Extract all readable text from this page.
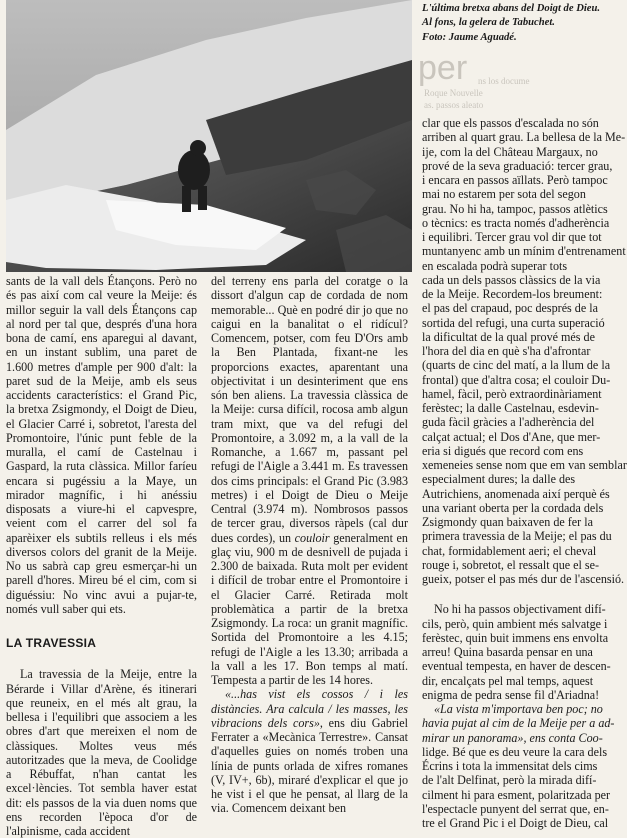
L'última bretxa abans del Doigt de Dieu.
Al fons, la gelera de Tabuchet.
Foto: Jaume Aguadé.
per ns los docume
Roque Nouvelle
as. passos aleato

sants de la vall dels Étançons. Però no és pas així com cal veure la Meije: és millor seguir la vall dels Étançons cap al nord per tal que, després d'una hora bona de camí, ens aparegui al davant, en un instant sublim, una paret de 1.600 metres d'ample per 900 d'alt: la paret sud de la Meije, amb els seus accidents característics: el Grand Pic, la bretxa Zsigmondy, el Doigt de Dieu, el Glacier Carré i, sobretot, l'aresta del Promontoire, l'únic punt feble de la muralla, el camí de Castelnau i Gaspard, la ruta clàssica. Millor faríeu encara si pugéssiu a la Maye, un mirador magnífic, i hi anéssiu disposats a viure-hi el capvespre, veient com el carrer del sol fa aparèixer els subtils relleus i els més diversos colors del granit de la Meije. No us sabrà cap greu esmerçar-hi un parell d'hores. Mireu bé el cim, com si diguéssiu: No vinc avui a pujar-te, només vull saber qui ets.

LA TRAVESSIA

La travessia de la Meije, entre la Bérarde i Villar d'Arène, és itinerari que reuneix, en el més alt grau, la bellesa i l'equilibri que associem a les obres d'art que mereixen el nom de clàssiques. Moltes veus més autoritzades que la meva, de Coolidge a Rébuffat, n'han cantat les excel·lències. Tot sembla haver estat dit: els passos de la via duen noms que ens recorden l'època d'or de l'alpinisme, cada accident

del terreny ens parla del coratge o la dissort d'algun cap de cordada de nom memorable... Què en podré dir jo que no caigui en la banalitat o el ridícul? Comencem, potser, com feu D'Ors amb la Ben Plantada, fixant-ne les proporcions exactes, aparentant una objectivitat i un desinteriment que ens són ben aliens. La travessia clàssica de la Meije: cursa difícil, rocosa amb algun tram mixt, que va del refugi del Promontoire, a 3.092 m, a la vall de la Romanche, a 1.667 m, passant pel refugi de l'Aigle a 3.441 m. Es travessen dos cims principals: el Grand Pic (3.983 metres) i el Doigt de Dieu o Meije Central (3.974 m). Nombrosos passos de tercer grau, diversos ràpels (cal dur dues cordes), un couloir generalment en glaç viu, 900 m de desnivell de pujada i 2.300 de baixada. Ruta molt per evident i difícil de trobar entre el Promontoire i el Glacier Carré. Retirada molt problemàtica a partir de la bretxa Zsigmondy. La roca: un granit magnífic. Sortida del Promontoire a les 4.15; refugi de l'Aigle a les 13.30; arribada a la vall a les 17. Bon temps al matí. Tempesta a partir de les 14 hores.

«...has vist els cossos / i les distàncies. Ara calcula / les masses, les vibracions dels cors», ens diu Gabriel Ferrater a «Mecànica Terrestre». Cansat d'aquelles guies on només troben una línia de punts orlada de xifres romanes (V, IV+, 6b), miraré d'explicar el que jo he vist i el que he pensat, al llarg de la via. Comencem deixant ben

clar que els passos d'escalada no són
arriben al quart grau. La bellesa de la Me-
ije, com la del Château Margaux, no
prové de la seva graduació: tercer grau,
i encara en passos aïllats. Però tampoc
mai no estarem per sota del segon
grau. No hi ha, tampoc, passos atlètics
o tècnics: es tracta només d'adherència
i equilibri. Tercer grau vol dir que tot
muntanyenc amb un mínim d'entrenament
en escalada podrà superar tots
cada un dels passos clàssics de la via
de la Meije. Recordem-los breument:
el pas del crapaud, poc després de la
sortida del refugi, una curta superació
la dificultat de la qual prové més de
l'hora del dia en què s'ha d'afrontar
(quarts de cinc del matí, a la llum de la
frontal) que d'altra cosa; el couloir Du-
hamel, fàcil, però extraordinàriament
ferèstec; la dalle Castelnau, esdevin-
guda fàcil gràcies a l'adherència del
calçat actual; el Dos d'Ane, que mer-
eria si digués que record com ens
xemeneies sense nom que em van semblar
especialment dures; la dalle des
Autrichiens, anomenada així perquè és
una variant oberta per la cordada dels
Zsigmondy quan baixaven de fer la
primera travessia de la Meije; el pas du
chat, formidablement aeri; el cheval
rouge i, sobretot, el ressalt que el se-
gueix, potser el pas més dur de l'ascensió.
No hi ha passos objectivament difí-
cils, però, quin ambient més salvatge i
ferèstec, quin buit immens ens envolta
arreu! Quina basarda pensar en una
eventual tempesta, en haver de descen-
dir, encalçats pel mal temps, aquest
enigma de pedra sense fil d'Ariadna!
«La vista m'importava ben poc; no
havia pujat al cim de la Meije per a ad-
mirar un panorama», ens conta Coo-
lidge. Bé que es deu veure la cara dels
Écrins i tota la immensitat dels cims
de l'alt Delfinat, però la mirada difí-
cilment hi para esment, polaritzada per
l'espectacle punyent del serrat que, en-
tre el Grand Pic i el Doigt de Dieu, cal
